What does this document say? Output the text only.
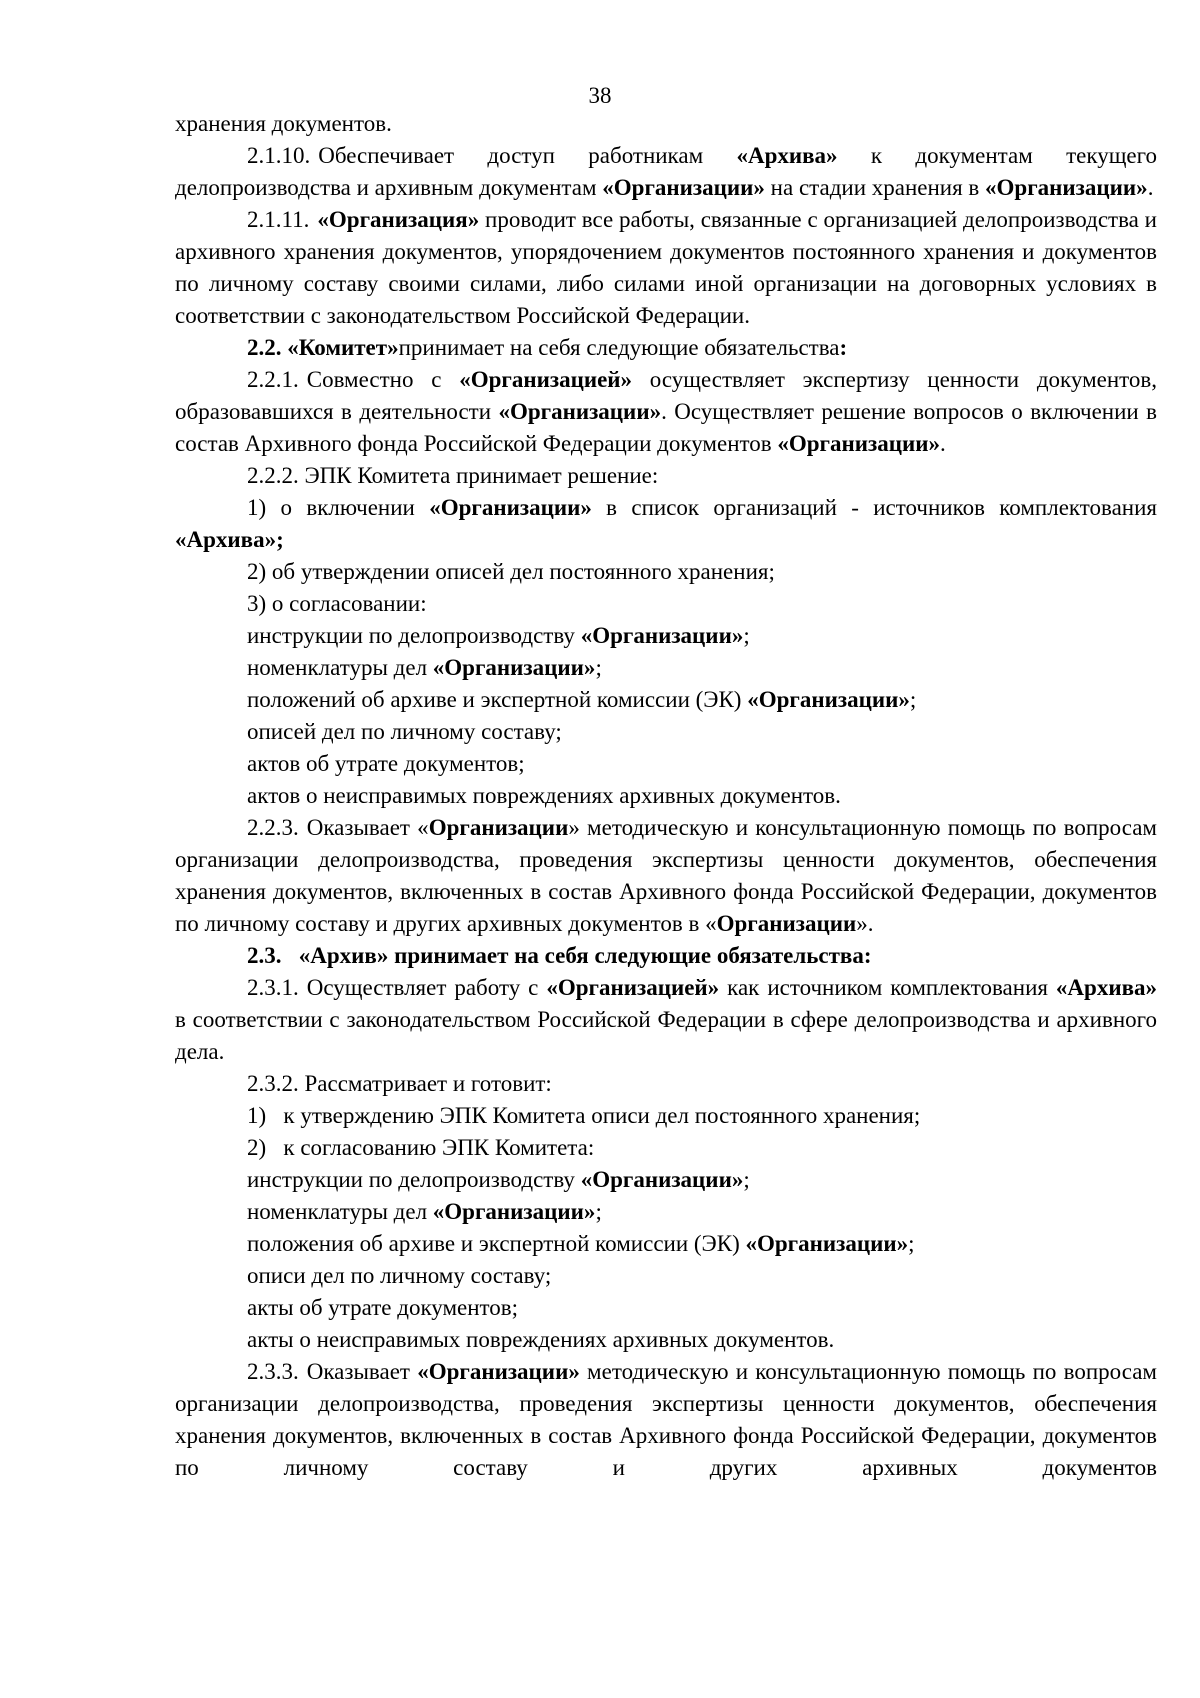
38

хранения документов.

2.1.10. Обеспечивает доступ работникам «Архива» к документам текущего делопроизводства и архивным документам «Организации» на стадии хранения в «Организации».

2.1.11. «Организация» проводит все работы, связанные с организацией делопроизводства и архивного хранения документов, упорядочением документов постоянного хранения и документов по личному составу своими силами, либо силами иной организации на договорных условиях в соответствии с законодательством Российской Федерации.

2.2. «Комитет»принимает на себя следующие обязательства:

2.2.1. Совместно с «Организацией» осуществляет экспертизу ценности документов, образовавшихся в деятельности «Организации». Осуществляет решение вопросов о включении в состав Архивного фонда Российской Федерации документов «Организации».

2.2.2. ЭПК Комитета принимает решение:

1) о включении «Организации» в список организаций - источников комплектования «Архива»;

2) об утверждении описей дел постоянного хранения;

3) о согласовании:

инструкции по делопроизводству «Организации»;

номенклатуры дел «Организации»;

положений об архиве и экспертной комиссии (ЭК) «Организации»;

описей дел по личному составу;

актов об утрате документов;

актов о неисправимых повреждениях архивных документов.

2.2.3. Оказывает «Организации» методическую и консультационную помощь по вопросам организации делопроизводства, проведения экспертизы ценности документов, обеспечения хранения документов, включенных в состав Архивного фонда Российской Федерации, документов по личному составу и других архивных документов в «Организации».

2.3.   «Архив» принимает на себя следующие обязательства:

2.3.1. Осуществляет работу с «Организацией» как источником комплектования «Архива» в соответствии с законодательством Российской Федерации в сфере делопроизводства и архивного дела.

2.3.2. Рассматривает и готовит:

1)   к утверждению ЭПК Комитета описи дел постоянного хранения;

2)   к согласованию ЭПК Комитета:

инструкции по делопроизводству «Организации»;

номенклатуры дел «Организации»;

положения об архиве и экспертной комиссии (ЭК) «Организации»;

описи дел по личному составу;

акты об утрате документов;

акты о неисправимых повреждениях архивных документов.

2.3.3. Оказывает «Организации» методическую и консультационную помощь по вопросам организации делопроизводства, проведения экспертизы ценности документов, обеспечения хранения документов, включенных в состав Архивного фонда Российской Федерации, документов по личному составу и других архивных документов
